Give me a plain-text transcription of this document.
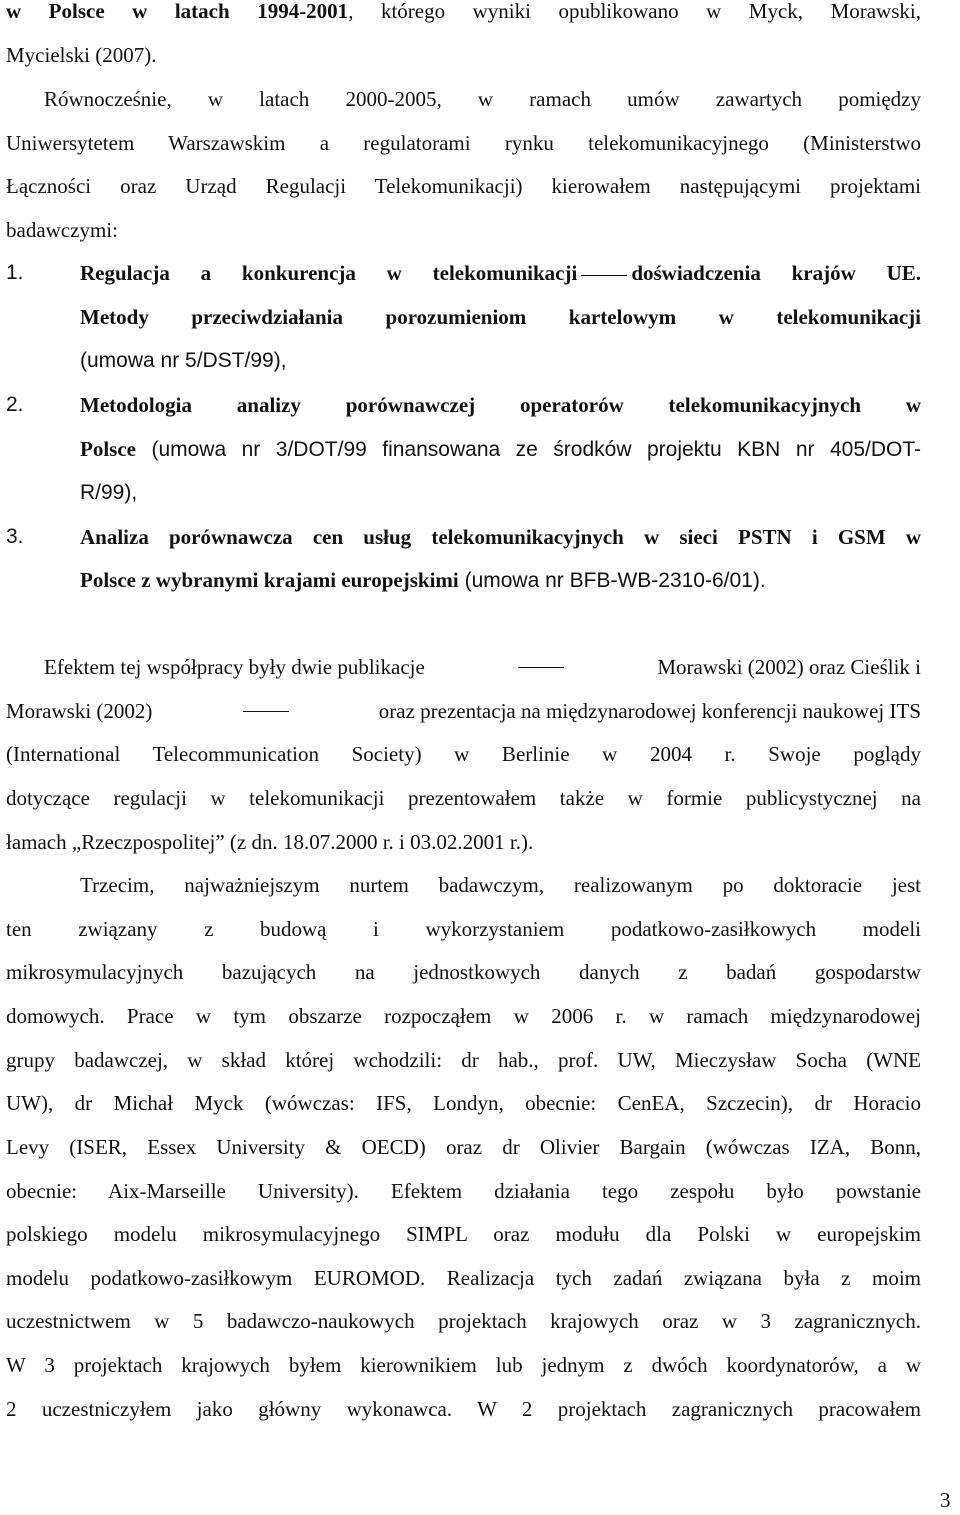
w Polsce w latach 1994-2001, którego wyniki opublikowano w Myck, Morawski,
Mycielski (2007).
Równocześnie, w latach 2000-2005, w ramach umów zawartych pomiędzy
Uniwersytetem Warszawskim a regulatorami rynku telekomunikacyjnego (Ministerstwo
Łączności oraz Urząd Regulacji Telekomunikacji) kierowałem następującymi projektami
badawczymi:
1.	Regulacja a konkurencja w telekomunikacji	doświadczenia krajów UE.
Metody przeciwdziałania porozumieniom kartelowym w telekomunikacji
(umowa nr 5/DST/99),
2.	Metodologia analizy porównawczej operatorów telekomunikacyjnych w
Polsce (umowa nr 3/DOT/99 finansowana ze środków projektu KBN nr 405/DOT-
R/99),
3.	Analiza porównawcza cen usług telekomunikacyjnych w sieci PSTN i GSM w
Polsce z wybranymi krajami europejskimi (umowa nr BFB-WB-2310-6/01).
Efektem tej współpracy były dwie publikacje	Morawski (2002) oraz Cieślik i
Morawski (2002)	oraz prezentacja na międzynarodowej konferencji naukowej ITS
(International Telecommunication Society) w Berlinie w 2004 r. Swoje poglądy
dotyczące regulacji w telekomunikacji prezentowałem także w formie publicystycznej na
łamach „Rzeczpospolitej” (z dn. 18.07.2000 r. i 03.02.2001 r.).
Trzecim, najważniejszym nurtem badawczym, realizowanym po doktoracie jest
ten związany z budową i wykorzystaniem podatkowo-zasiłkowych modeli
mikrosymulacyjnych bazujących na jednostkowych danych z badań gospodarstw
domowych. Prace w tym obszarze rozpocząłem w 2006 r. w ramach międzynarodowej
grupy badawczej, w skład której wchodzili: dr hab., prof. UW, Mieczysław Socha (WNE
UW), dr Michał Myck (wówczas: IFS, Londyn, obecnie: CenEA, Szczecin), dr Horacio
Levy (ISER, Essex University & OECD) oraz dr Olivier Bargain (wówczas IZA, Bonn,
obecnie: Aix-Marseille University). Efektem działania tego zespołu było powstanie
polskiego modelu mikrosymulacyjnego SIMPL oraz modułu dla Polski w europejskim
modelu podatkowo-zasiłkowym EUROMOD. Realizacja tych zadań związana była z moim
uczestnictwem w 5 badawczo-naukowych projektach krajowych oraz w 3 zagranicznych.
W 3 projektach krajowych byłem kierownikiem lub jednym z dwóch koordynatorów, a w
2 uczestniczyłem jako główny wykonawca. W 2 projektach zagranicznych pracowałem
3
